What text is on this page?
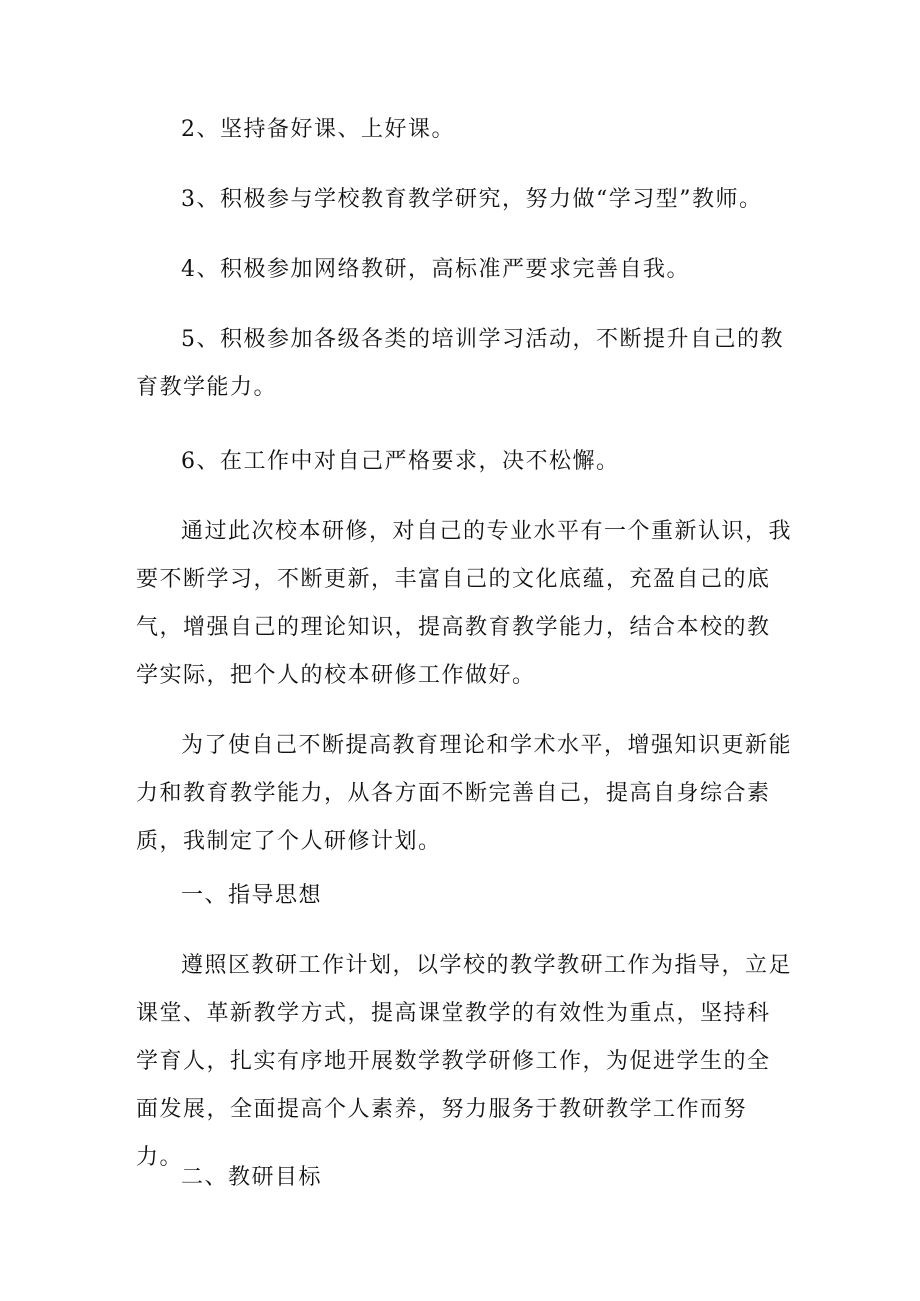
2、坚持备好课、上好课。

3、积极参与学校教育教学研究，努力做“学习型”教师。

4、积极参加网络教研，高标准严要求完善自我。

5、积极参加各级各类的培训学习活动，不断提升自己的教育教学能力。

6、在工作中对自己严格要求，决不松懈。

通过此次校本研修，对自己的专业水平有一个重新认识，我要不断学习，不断更新，丰富自己的文化底蕴，充盈自己的底气，增强自己的理论知识，提高教育教学能力，结合本校的教学实际，把个人的校本研修工作做好。

为了使自己不断提高教育理论和学术水平，增强知识更新能力和教育教学能力，从各方面不断完善自己，提高自身综合素质，我制定了个人研修计划。

一、指导思想

遵照区教研工作计划，以学校的教学教研工作为指导，立足课堂、革新教学方式，提高课堂教学的有效性为重点，坚持科学育人，扎实有序地开展数学教学研修工作，为促进学生的全面发展，全面提高个人素养，努力服务于教研教学工作而努力。

二、教研目标
